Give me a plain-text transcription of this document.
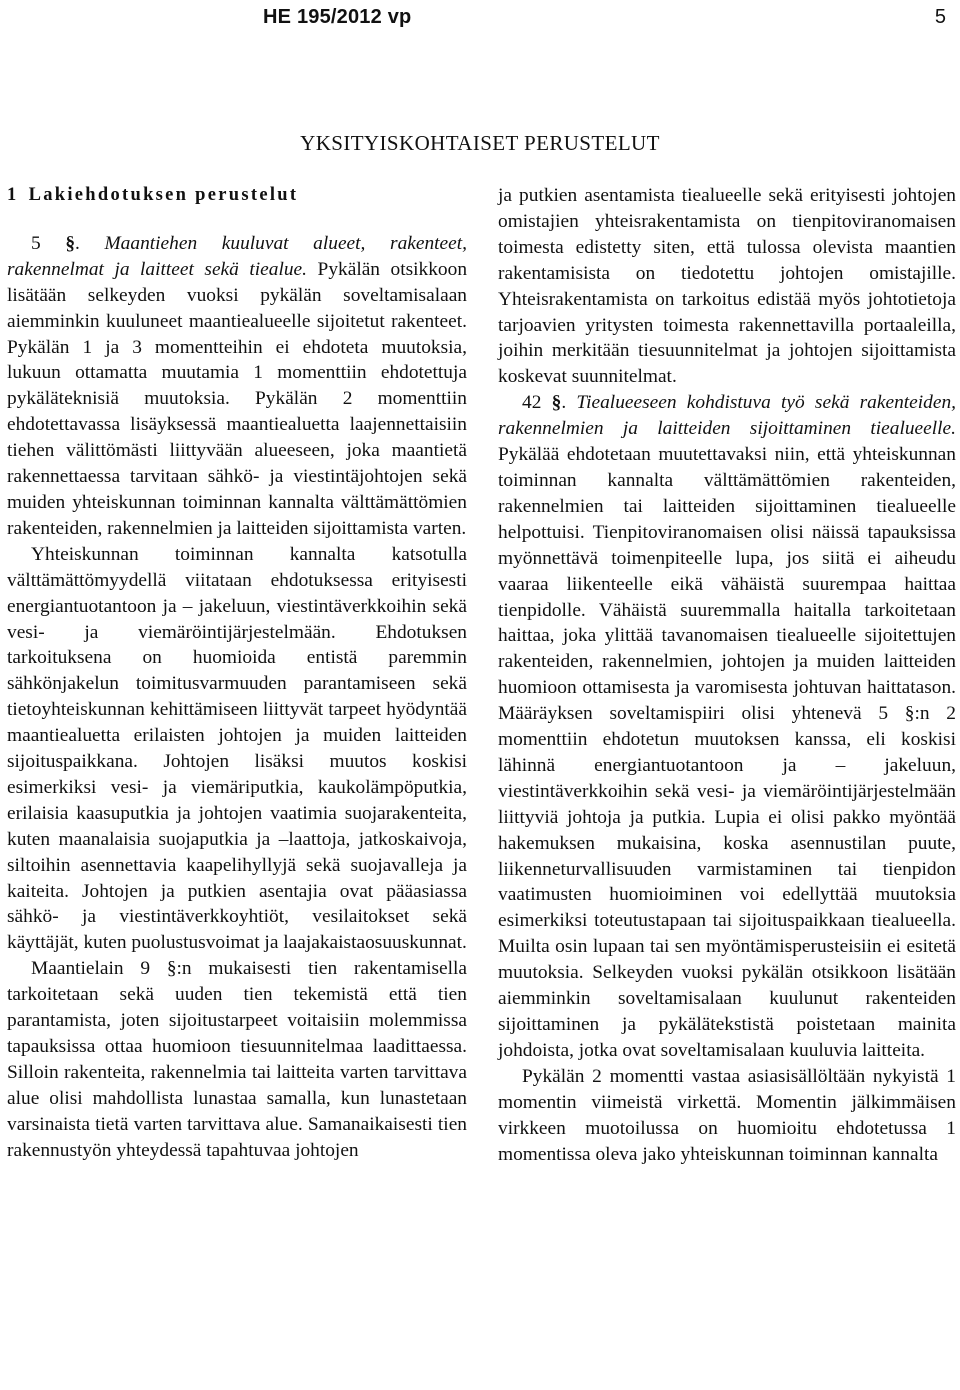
HE 195/2012 vp	5
YKSITYISKOHTAISET PERUSTELUT

1 Lakiehdotuksen perustelut

5 §. Maantiehen kuuluvat alueet, rakenteet, rakennelmat ja laitteet sekä tiealue. Pykälän otsikkoon lisätään selkeyden vuoksi pykälän soveltamisalaan aiemminkin kuuluneet maantiealueelle sijoitetut rakenteet. Pykälän 1 ja 3 momentteihin ei ehdoteta muutoksia, lukuun ottamatta muutamia 1 momenttiin ehdotettuja pykäläteknisiä muutoksia. Pykälän 2 momenttiin ehdotettavassa lisäyksessä maantiealuetta laajennettaisiin tiehen välittömästi liittyvään alueeseen, joka maantietä rakennettaessa tarvitaan sähkö- ja viestintäjohtojen sekä muiden yhteiskunnan toiminnan kannalta välttämättömien rakenteiden, rakennelmien ja laitteiden sijoittamista varten.

Yhteiskunnan toiminnan kannalta katsotulla välttämättömyydellä viitataan ehdotuksessa erityisesti energiantuotantoon ja – jakeluun, viestintäverkkoihin sekä vesi- ja viemäröintijärjestelmään. Ehdotuksen tarkoituksena on huomioida entistä paremmin sähkönjakelun toimitusvarmuuden parantamiseen sekä tietoyhteiskunnan kehittämiseen liittyvät tarpeet hyödyntää maantiealuetta erilaisten johtojen ja muiden laitteiden sijoituspaikkana. Johtojen lisäksi muutos koskisi esimerkiksi vesi- ja viemäriputkia, kaukolämpöputkia, erilaisia kaasuputkia ja johtojen vaatimia suojarakenteita, kuten maanalaisia suojaputkia ja –laattoja, jatkoskaivoja, siltoihin asennettavia kaapelihyllyjä sekä suojavalleja ja kaiteita. Johtojen ja putkien asentajia ovat pääasiassa sähkö- ja viestintäverkkoyhtiöt, vesilaitokset sekä käyttäjät, kuten puolustusvoimat ja laajakaistaosuuskunnat.

Maantielain 9 §:n mukaisesti tien rakentamisella tarkoitetaan sekä uuden tien tekemistä että tien parantamista, joten sijoitustarpeet voitaisiin molemmissa tapauksissa ottaa huomioon tiesuunnitelmaa laadittaessa. Silloin rakenteita, rakennelmia tai laitteita varten tarvittava alue olisi mahdollista lunastaa samalla, kun lunastetaan varsinaista tietä varten tarvittava alue. Samanaikaisesti tien rakennustyön yhteydessä tapahtuvaa johtojen

ja putkien asentamista tiealueelle sekä erityisesti johtojen omistajien yhteisrakentamista on tienpitoviranomaisen toimesta edistetty siten, että tulossa olevista maantien rakentamisista on tiedotettu johtojen omistajille. Yhteisrakentamista on tarkoitus edistää myös johtotietoja tarjoavien yritysten toimesta rakennettavilla portaaleilla, joihin merkitään tiesuunnitelmat ja johtojen sijoittamista koskevat suunnitelmat.

42 §. Tiealueeseen kohdistuva työ sekä rakenteiden, rakennelmien ja laitteiden sijoittaminen tiealueelle. Pykälää ehdotetaan muutettavaksi niin, että yhteiskunnan toiminnan kannalta välttämättömien rakenteiden, rakennelmien tai laitteiden sijoittaminen tiealueelle helpottuisi. Tienpitoviranomaisen olisi näissä tapauksissa myönnettävä toimenpiteelle lupa, jos siitä ei aiheudu vaaraa liikenteelle eikä vähäistä suurempaa haittaa tienpidolle. Vähäistä suuremmalla haitalla tarkoitetaan haittaa, joka ylittää tavanomaisen tiealueelle sijoitettujen rakenteiden, rakennelmien, johtojen ja muiden laitteiden huomioon ottamisesta ja varomisesta johtuvan haittatason. Määräyksen soveltamispiiri olisi yhtenevä 5 §:n 2 momenttiin ehdotetun muutoksen kanssa, eli koskisi lähinnä energiantuotantoon ja – jakeluun, viestintäverkkoihin sekä vesi- ja viemäröintijärjestelmään liittyviä johtoja ja putkia. Lupia ei olisi pakko myöntää hakemuksen mukaisina, koska asennustilan puute, liikenneturvallisuuden varmistaminen tai tienpidon vaatimusten huomioiminen voi edellyttää muutoksia esimerkiksi toteutustapaan tai sijoituspaikkaan tiealueella. Muilta osin lupaan tai sen myöntämisperusteisiin ei esitetä muutoksia. Selkeyden vuoksi pykälän otsikkoon lisätään aiemminkin soveltamisalaan kuulunut rakenteiden sijoittaminen ja pykälätekstistä poistetaan mainita johdoista, jotka ovat soveltamisalaan kuuluvia laitteita.

Pykälän 2 momentti vastaa asiasisällöltään nykyistä 1 momentin viimeistä virkettä. Momentin jälkimmäisen virkkeen muotoilussa on huomioitu ehdotetussa 1 momentissa oleva jako yhteiskunnan toiminnan kannalta
